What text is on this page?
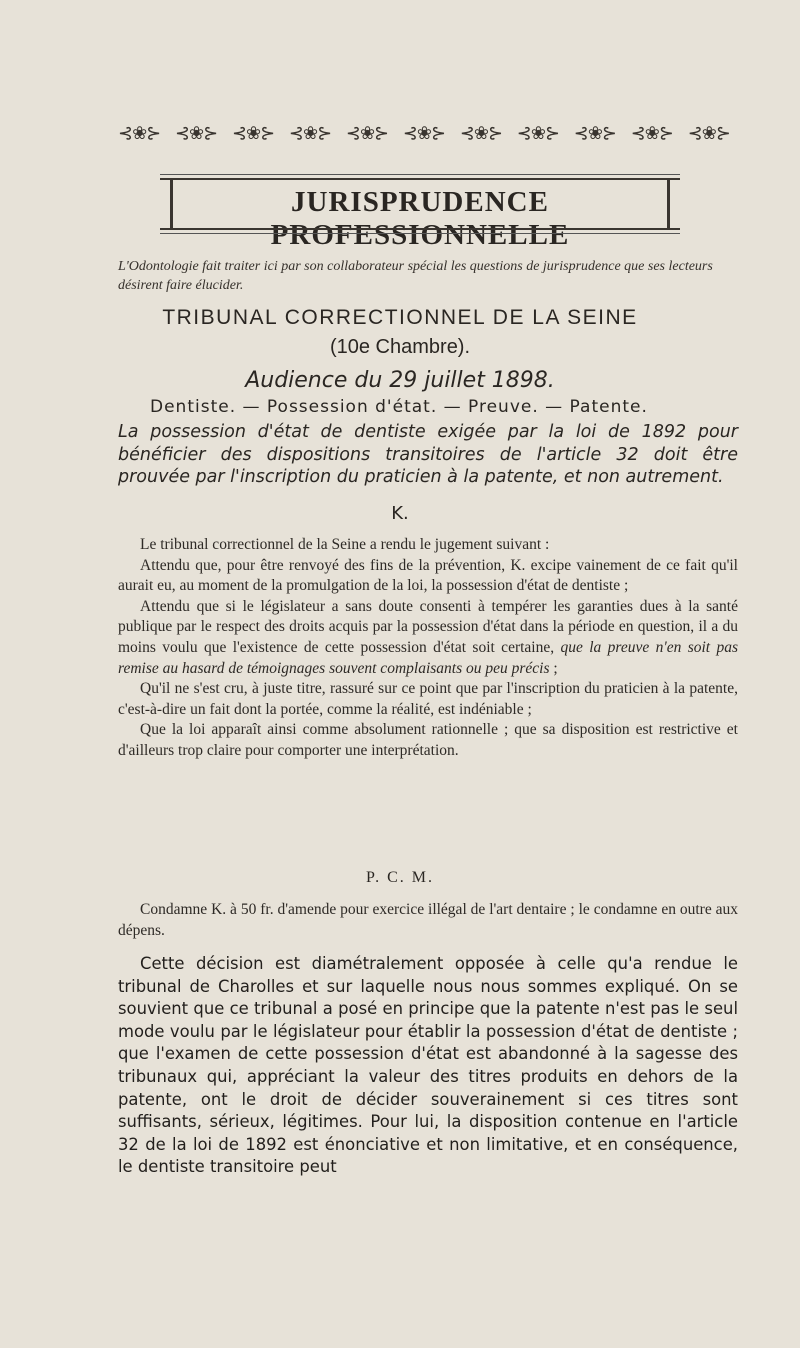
⊰❀⊱ ⊰❀⊱ ⊰❀⊱ ⊰❀⊱ ⊰❀⊱ ⊰❀⊱ ⊰❀⊱ ⊰❀⊱ ⊰❀⊱ ⊰❀⊱ ⊰❀⊱
JURISPRUDENCE PROFESSIONNELLE
L'Odontologie fait traiter ici par son collaborateur spécial les questions de jurisprudence que ses lecteurs désirent faire élucider.
TRIBUNAL CORRECTIONNEL DE LA SEINE
(10e Chambre).
Audience du 29 juillet 1898.
Dentiste. — Possession d'état. — Preuve. — Patente.
La possession d'état de dentiste exigée par la loi de 1892 pour bénéficier des dispositions transitoires de l'article 32 doit être prouvée par l'inscription du praticien à la patente, et non autrement.
K.

Le tribunal correctionnel de la Seine a rendu le jugement suivant :

Attendu que, pour être renvoyé des fins de la prévention, K. excipe vainement de ce fait qu'il aurait eu, au moment de la promulgation de la loi, la possession d'état de dentiste ;

Attendu que si le législateur a sans doute consenti à tempérer les garanties dues à la santé publique par le respect des droits acquis par la possession d'état dans la période en question, il a du moins voulu que l'existence de cette possession d'état soit certaine, que la preuve n'en soit pas remise au hasard de témoignages souvent complaisants ou peu précis ;

Qu'il ne s'est cru, à juste titre, rassuré sur ce point que par l'inscription du praticien à la patente, c'est-à-dire un fait dont la portée, comme la réalité, est indéniable ;

Que la loi apparaît ainsi comme absolument rationnelle ; que sa disposition est restrictive et d'ailleurs trop claire pour comporter une interprétation.

P. C. M.

Condamne K. à 50 fr. d'amende pour exercice illégal de l'art dentaire ; le condamne en outre aux dépens.

Cette décision est diamétralement opposée à celle qu'a rendue le tribunal de Charolles et sur laquelle nous nous sommes expliqué. On se souvient que ce tribunal a posé en principe que la patente n'est pas le seul mode voulu par le législateur pour établir la possession d'état de dentiste ; que l'examen de cette possession d'état est abandonné à la sagesse des tribunaux qui, appréciant la valeur des titres produits en dehors de la patente, ont le droit de décider souverainement si ces titres sont suffisants, sérieux, légitimes. Pour lui, la disposition contenue en l'article 32 de la loi de 1892 est énonciative et non limitative, et en conséquence, le dentiste transitoire peut
